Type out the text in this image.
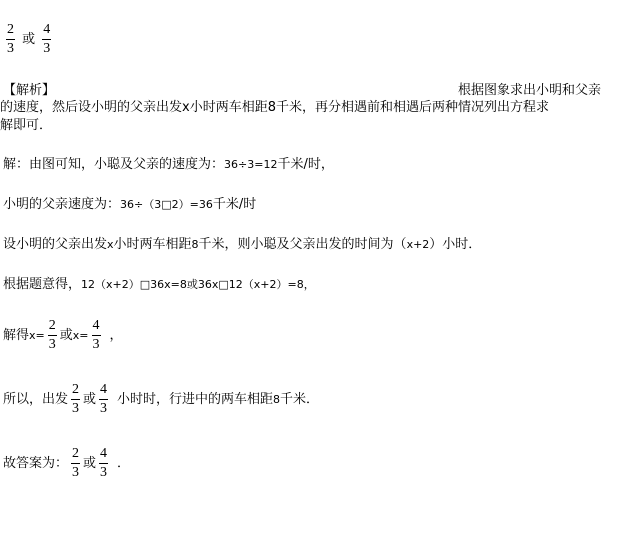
$\frac{2}{3}$ 或 $\frac{4}{3}$
【解析】	根据图象求出小明和父亲
的速度，然后设小明的父亲出发x小时两车相距8千米，再分相遇前和相遇后两种情况列出方程求
解即可．
解：由图可知，小聪及父亲的速度为：36÷3=12千米/时，
小明的父亲速度为：36÷（3□2）=36千米/时
设小明的父亲出发x小时两车相距8千米，则小聪及父亲出发的时间为（x+2）小时．
根据题意得，12（x+2）□36x=8或36x□12（x+2）=8，
解得$x= \frac{2}{3}$ 或$x= \frac{4}{3}$ ，
所以，出发 $\frac{2}{3}$ 或 $\frac{4}{3}$ 小时时，行进中的两车相距8千米．
故答案为： $\frac{2}{3}$ 或 $\frac{4}{3}$ ．
